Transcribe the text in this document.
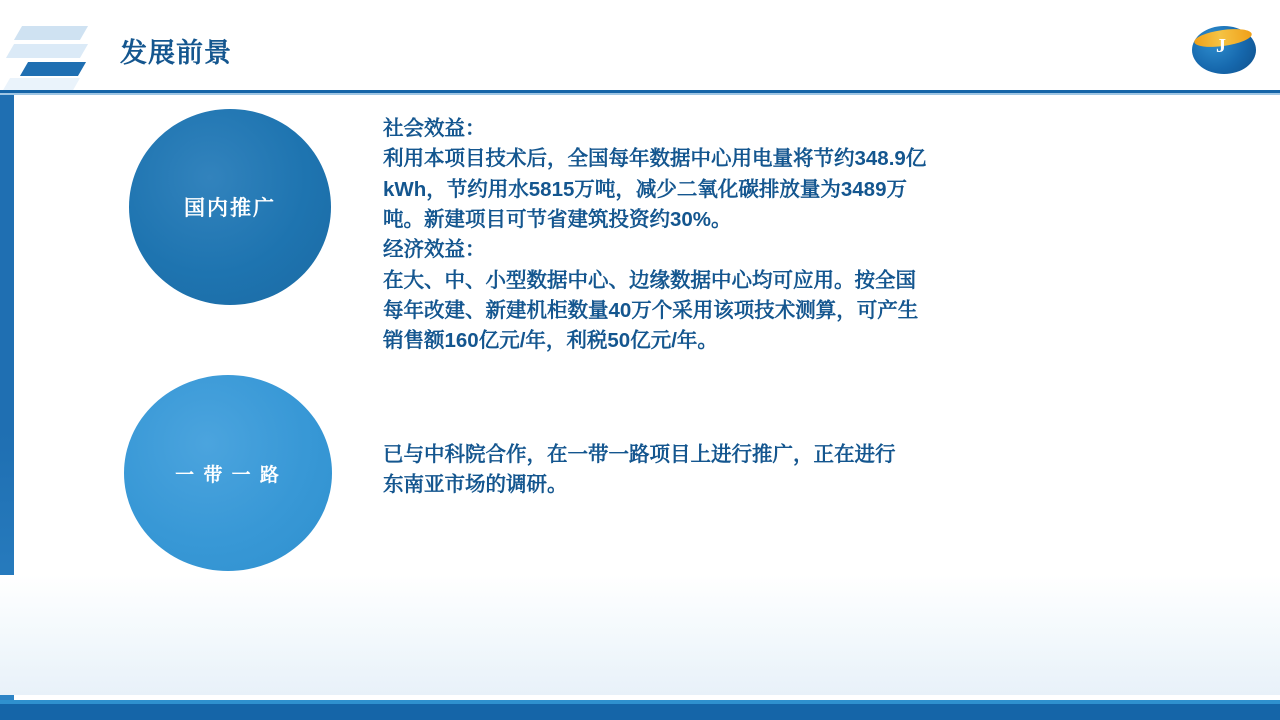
发展前景	J
国内推广
一 带 一 路
社会效益：
利用本项目技术后，全国每年数据中心用电量将节约348.9亿
kWh，节约用水5815万吨，减少二氧化碳排放量为3489万
吨。新建项目可节省建筑投资约30%。
经济效益：
在大、中、小型数据中心、边缘数据中心均可应用。按全国
每年改建、新建机柜数量40万个采用该项技术测算，可产生
销售额160亿元/年，利税50亿元/年。
已与中科院合作，在一带一路项目上进行推广，正在进行
东南亚市场的调研。
